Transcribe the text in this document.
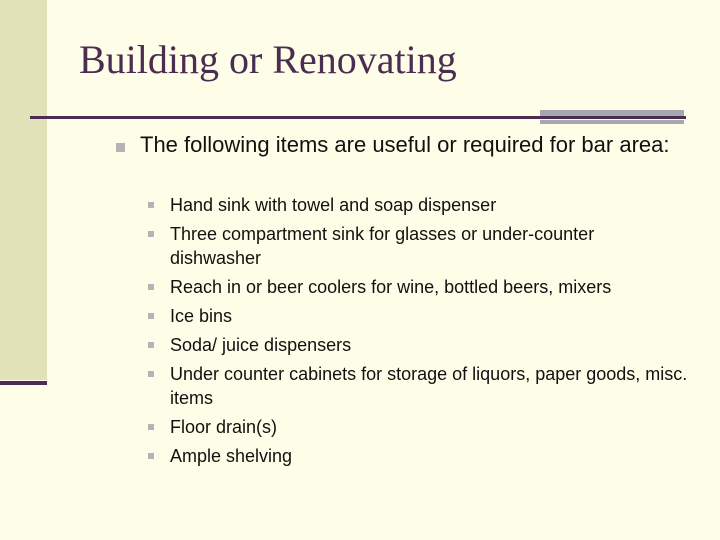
Building or Renovating
The following items are useful or required for bar area:
Hand sink with towel and soap dispenser
Three compartment sink for glasses or under-counter dishwasher
Reach in or beer coolers for wine, bottled beers, mixers
Ice bins
Soda/ juice dispensers
Under counter cabinets for storage of liquors, paper goods, misc. items
Floor drain(s)
Ample shelving
